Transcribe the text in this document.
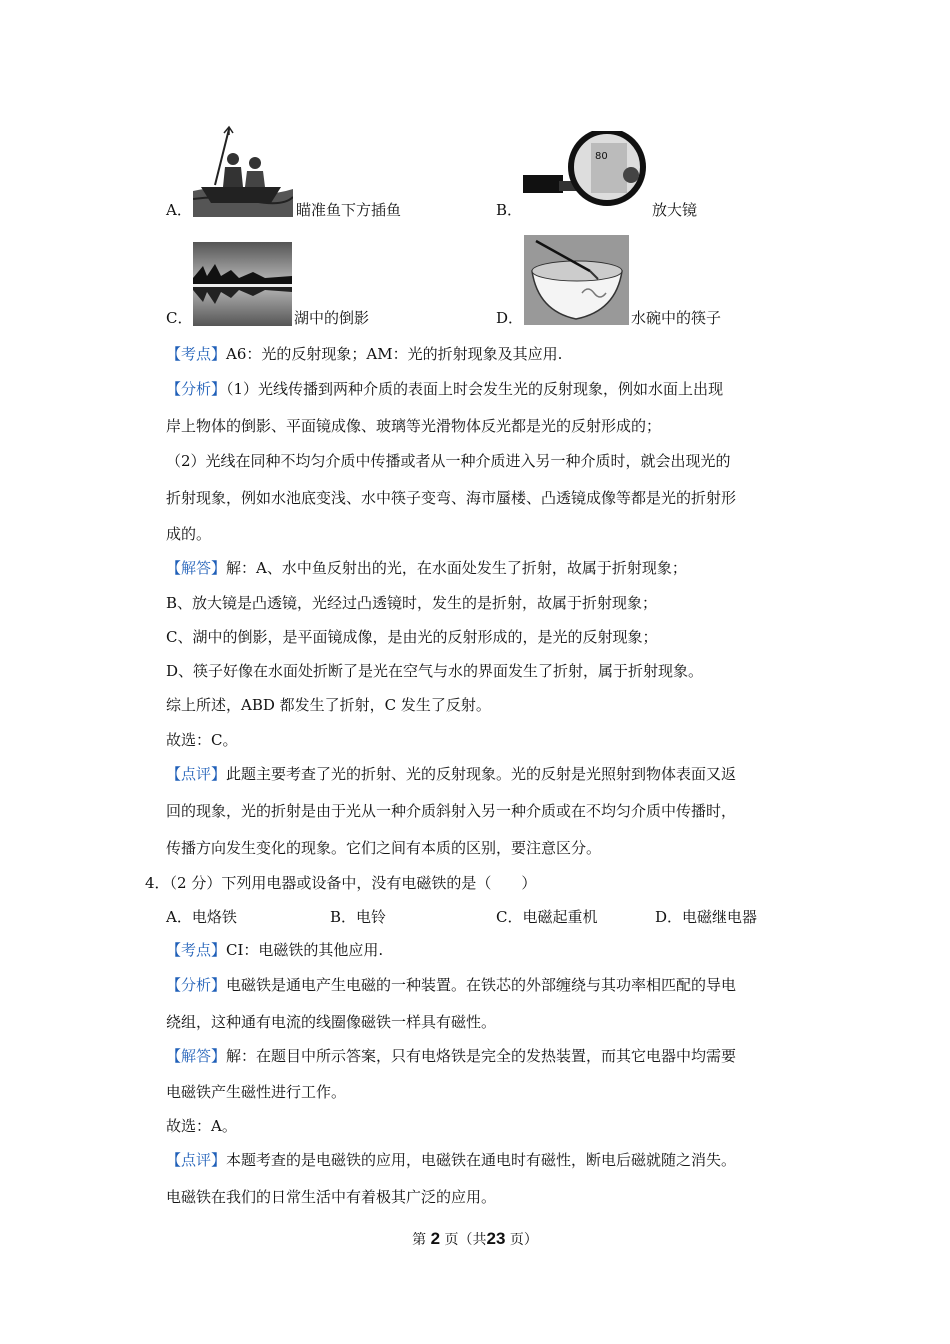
A．	瞄准鱼下方插鱼	B．
80
放大镜
C．	湖中的倒影	D．	水碗中的筷子
【考点】A6：光的反射现象；AM：光的折射现象及其应用.
【分析】（1）光线传播到两种介质的表面上时会发生光的反射现象，例如水面上出现
岸上物体的倒影、平面镜成像、玻璃等光滑物体反光都是光的反射形成的；
（2）光线在同种不均匀介质中传播或者从一种介质进入另一种介质时，就会出现光的
折射现象，例如水池底变浅、水中筷子变弯、海市蜃楼、凸透镜成像等都是光的折射形
成的。
【解答】解：A、水中鱼反射出的光，在水面处发生了折射，故属于折射现象；
B、放大镜是凸透镜，光经过凸透镜时，发生的是折射，故属于折射现象；
C、湖中的倒影，是平面镜成像，是由光的反射形成的，是光的反射现象；
D、筷子好像在水面处折断了是光在空气与水的界面发生了折射，属于折射现象。
综上所述，ABD 都发生了折射，C 发生了反射。
故选：C。
【点评】此题主要考查了光的折射、光的反射现象。光的反射是光照射到物体表面又返
回的现象，光的折射是由于光从一种介质斜射入另一种介质或在不均匀介质中传播时，
传播方向发生变化的现象。它们之间有本质的区别，要注意区分。
4．（2 分）下列用电器或设备中，没有电磁铁的是（　　）
A．电烙铁	B．电铃	C．电磁起重机	D．电磁继电器
【考点】CI：电磁铁的其他应用.
【分析】电磁铁是通电产生电磁的一种装置。在铁芯的外部缠绕与其功率相匹配的导电
绕组，这种通有电流的线圈像磁铁一样具有磁性。
【解答】解：在题目中所示答案，只有电烙铁是完全的发热装置，而其它电器中均需要
电磁铁产生磁性进行工作。
故选：A。
【点评】本题考查的是电磁铁的应用，电磁铁在通电时有磁性，断电后磁就随之消失。
电磁铁在我们的日常生活中有着极其广泛的应用。
第 2 页（共23 页）
